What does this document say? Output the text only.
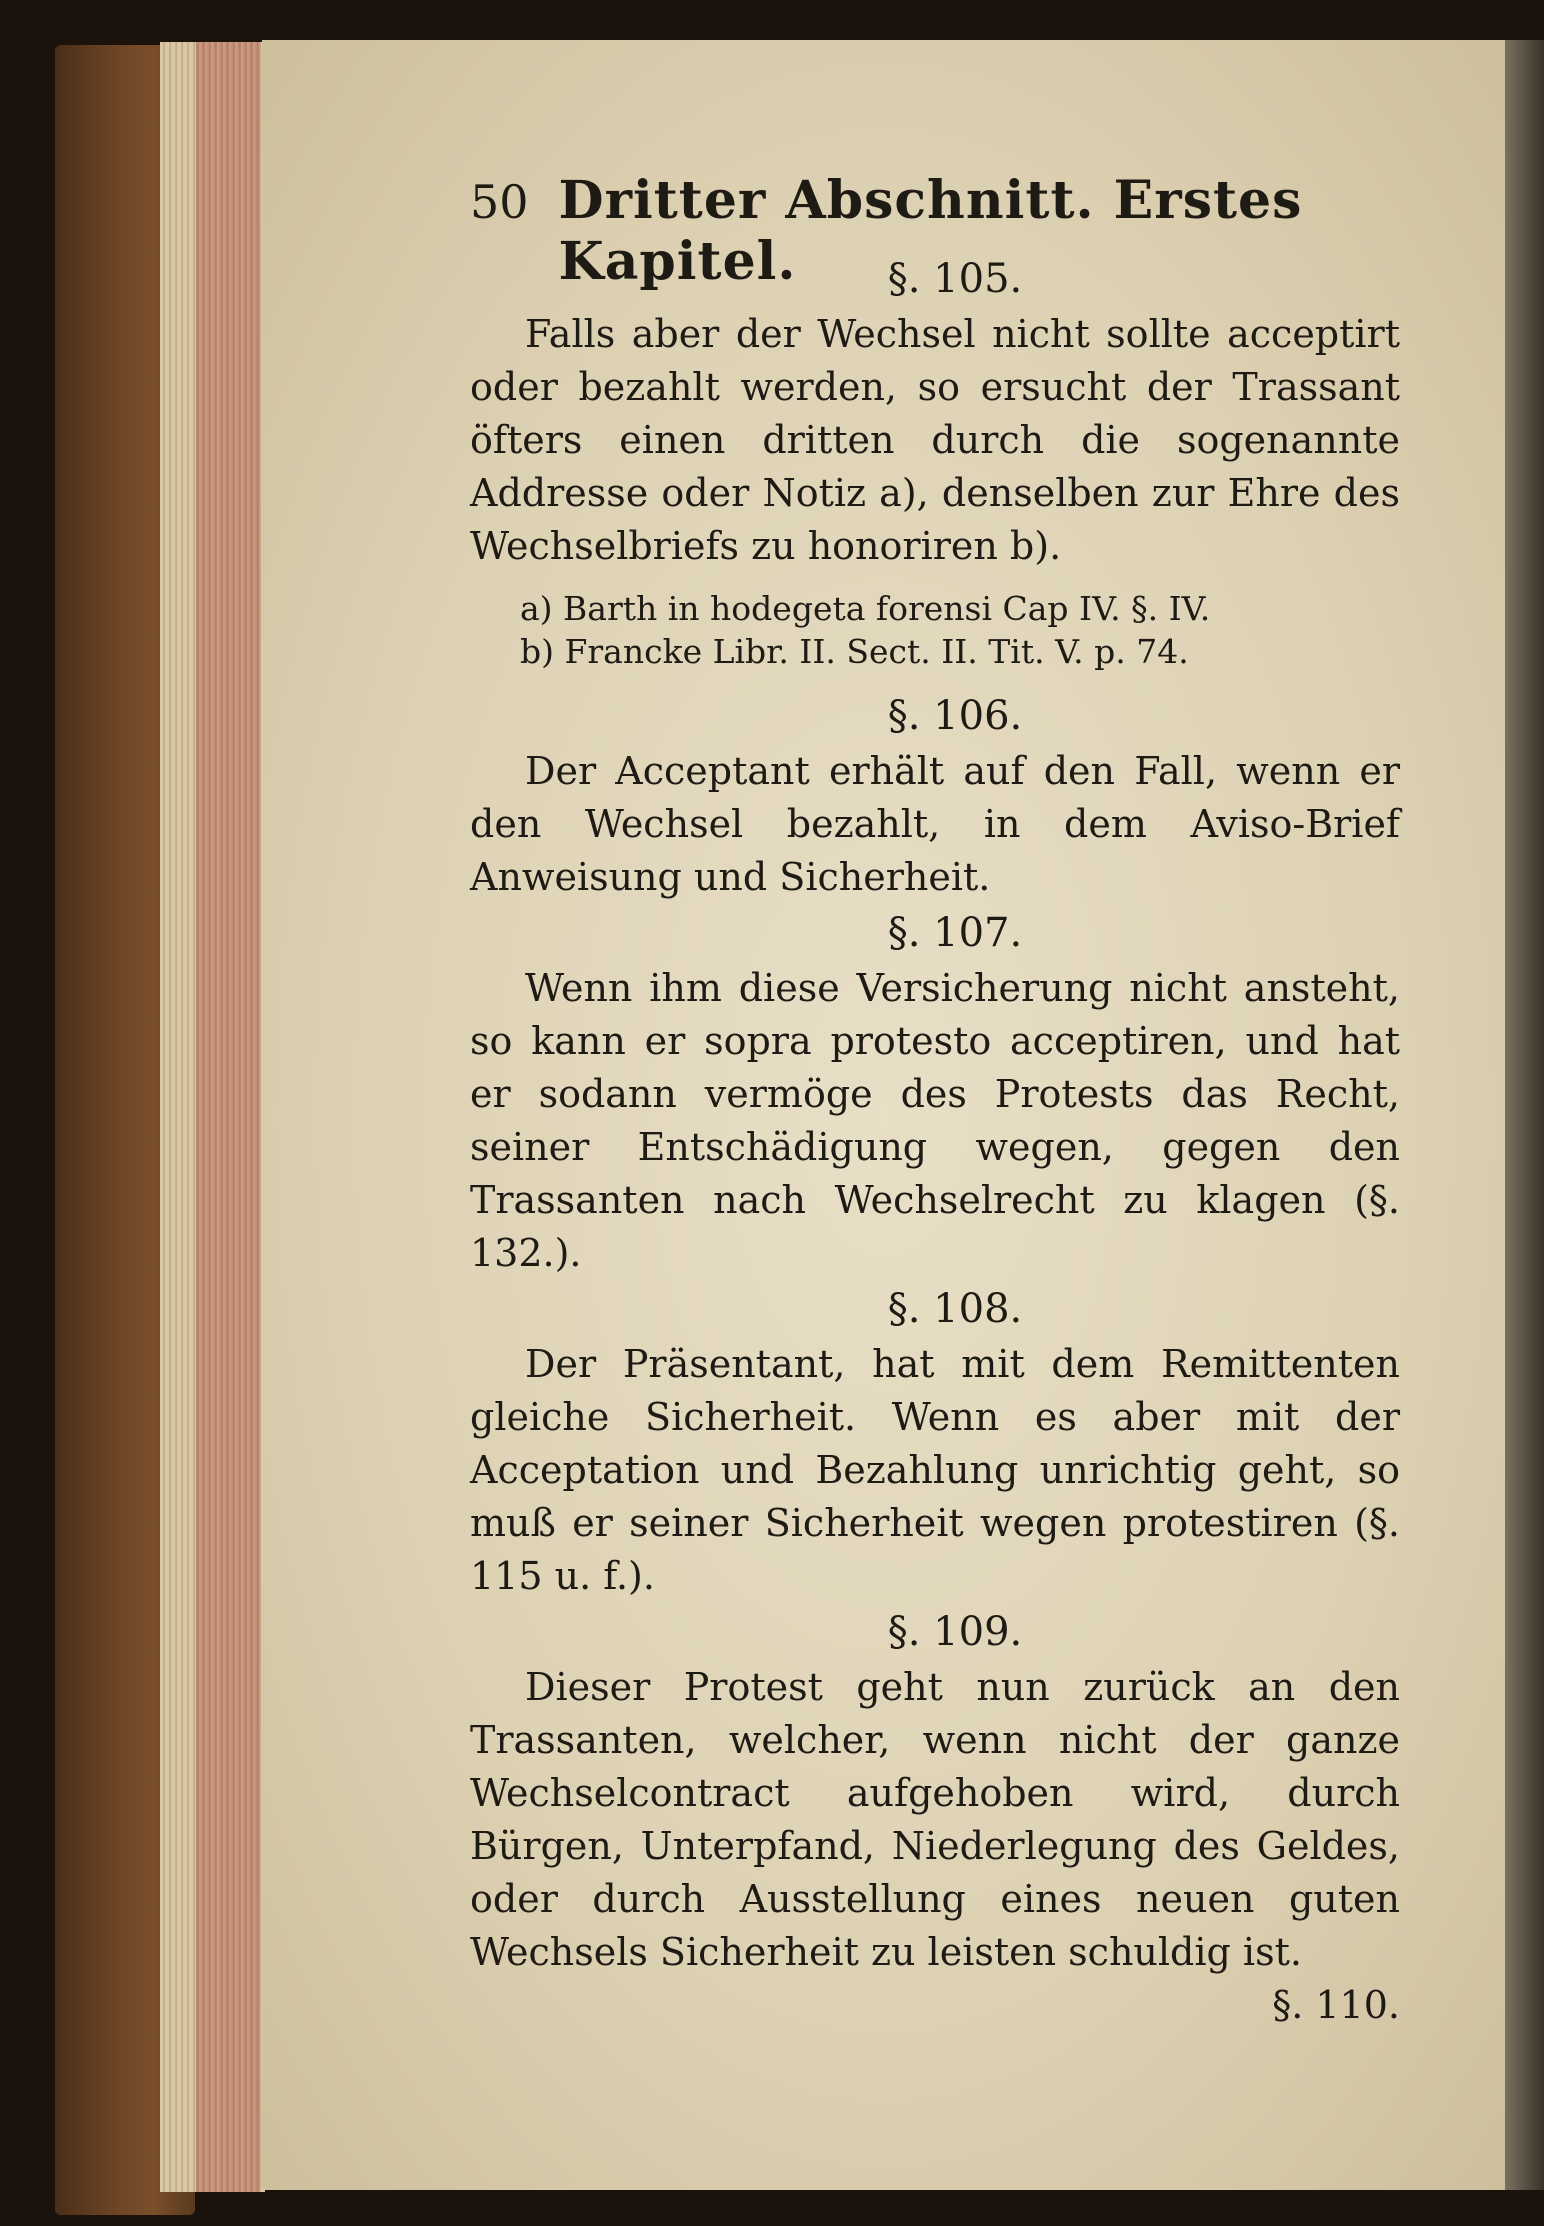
50 Dritter Abschnitt. Erstes Kapitel.	§. 105.
Falls aber der Wechsel nicht sollte acceptirt oder bezahlt werden, so ersucht der Trassant öfters einen dritten durch die sogenannte Addresse oder Notiz a), denselben zur Ehre des Wechselbriefs zu honoriren b).
a) Barth in hodegeta forensi Cap IV. §. IV.
b) Francke Libr. II. Sect. II. Tit. V. p. 74.
§. 106.
Der Acceptant erhält auf den Fall, wenn er den Wechsel bezahlt, in dem Aviso-Brief Anweisung und Sicherheit.
§. 107.
Wenn ihm diese Versicherung nicht ansteht, so kann er sopra protesto acceptiren, und hat er sodann vermöge des Protests das Recht, seiner Entschädigung wegen, gegen den Trassanten nach Wechselrecht zu klagen (§. 132.).
§. 108.
Der Präsentant, hat mit dem Remittenten gleiche Sicherheit. Wenn es aber mit der Acceptation und Bezahlung unrichtig geht, so muß er seiner Sicherheit wegen protestiren (§. 115 u. f.).
§. 109.
Dieser Protest geht nun zurück an den Trassanten, welcher, wenn nicht der ganze Wechselcontract aufgehoben wird, durch Bürgen, Unterpfand, Niederlegung des Geldes, oder durch Ausstellung eines neuen guten Wechsels Sicherheit zu leisten schuldig ist.
§. 110.
